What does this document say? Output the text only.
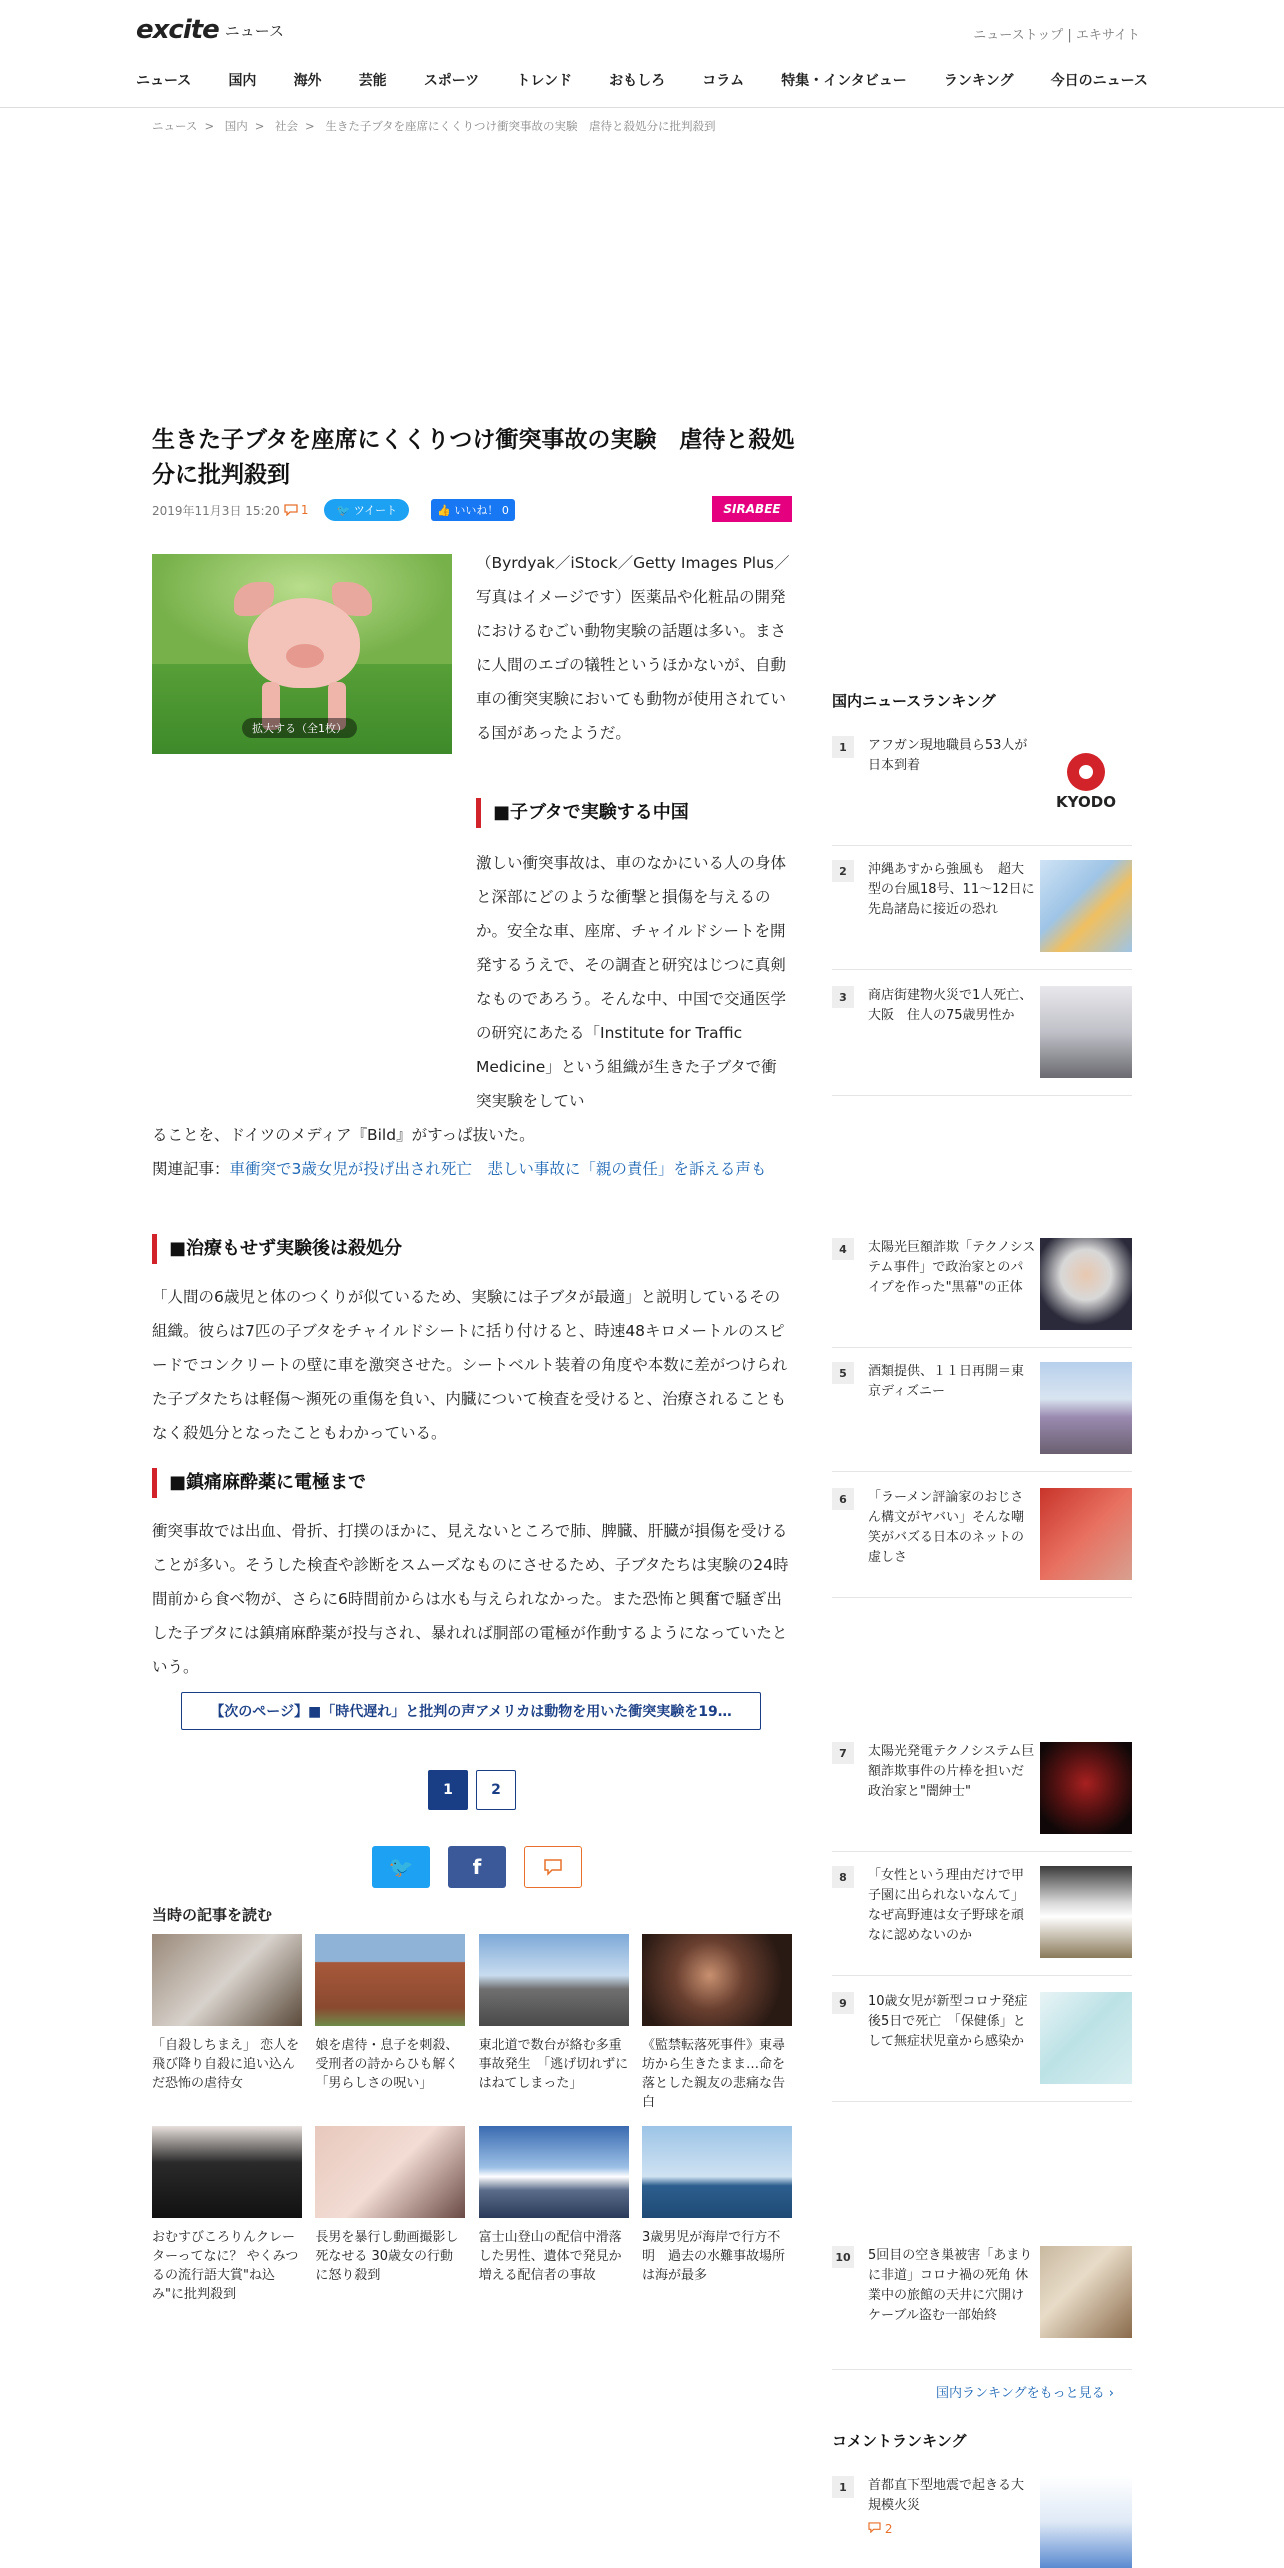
excite ニュース	ニューストップ | エキサイト
ニュース	国内	海外	芸能	スポーツ	トレンド	おもしろ	コラム	特集・インタビュー	ランキング	今日のニュース
ニュース > 国内 > 社会 > 生きた子ブタを座席にくくりつけ衝突事故の実験　虐待と殺処分に批判殺到
生きた子ブタを座席にくくりつけ衝突事故の実験　虐待と殺処分に批判殺到
2019年11月3日 15:20 1	🐦 ツイート	👍 いいね！ 0	SIRABEE
拡大する（全1枚）

（Byrdyak／iStock／Getty Images Plus／写真はイメージです）医薬品や化粧品の開発におけるむごい動物実験の話題は多い。まさに人間のエゴの犠牲というほかないが、自動車の衝突実験においても動物が使用されている国があったようだ。

■子ブタで実験する中国

激しい衝突事故は、車のなかにいる人の身体と深部にどのような衝撃と損傷を与えるのか。安全な車、座席、チャイルドシートを開発するうえで、その調査と研究はじつに真剣なものであろう。そんな中、中国で交通医学の研究にあたる「Institute for Traffic Medicine」という組織が生きた子ブタで衝突実験をしてい

ることを、ドイツのメディア『Bild』がすっぱ抜いた。

関連記事：車衝突で3歳女児が投げ出され死亡　悲しい事故に「親の責任」を訴える声も
■治療もせず実験後は殺処分

「人間の6歳児と体のつくりが似ているため、実験には子ブタが最適」と説明しているその組織。彼らは7匹の子ブタをチャイルドシートに括り付けると、時速48キロメートルのスピードでコンクリートの壁に車を激突させた。シートベルト装着の角度や本数に差がつけられた子ブタたちは軽傷～瀕死の重傷を負い、内臓について検査を受けると、治療されることもなく殺処分となったこともわかっている。

■鎮痛麻酔薬に電極まで

衝突事故では出血、骨折、打撲のほかに、見えないところで肺、脾臓、肝臓が損傷を受けることが多い。そうした検査や診断をスムーズなものにさせるため、子ブタたちは実験の24時間前から食べ物が、さらに6時間前からは水も与えられなかった。また恐怖と興奮で騒ぎ出した子ブタには鎮痛麻酔薬が投与され、暴れれば胴部の電極が作動するようになっていたという。

【次のページ】■「時代遅れ」と批判の声アメリカは動物を用いた衝突実験を19…
1	2
🐦	f
当時の記事を読む
「自殺しちまえ」 恋人を飛び降り自殺に追い込んだ恐怖の虐待女
娘を虐待・息子を刺殺、受刑者の詩からひも解く「男らしさの呪い」
東北道で数台が絡む多重事故発生　「逃げ切れずにはねてしまった」
《監禁転落死事件》東尋坊から生きたまま…命を落とした親友の悲痛な告白
おむすびころりんクレーターってなに？ やくみつるの流行語大賞"ね込み"に批判殺到
長男を暴行し動画撮影し死なせる 30歳女の行動に怒り殺到
富士山登山の配信中滑落した男性、遺体で発見か　増える配信者の事故
3歳男児が海岸で行方不明　過去の水難事故場所は海が最多
国内ニュースランキング
1	アフガン現地職員ら53人が日本到着
KYODO
2	沖縄あすから強風も　超大型の台風18号、11～12日に先島諸島に接近の恐れ
3	商店街建物火災で1人死亡、大阪　住人の75歳男性か
4	太陽光巨額詐欺「テクノシステム事件」で政治家とのパイプを作った"黒幕"の正体
5	酒類提供、１１日再開＝東京ディズニー
6	「ラーメン評論家のおじさん構文がヤバい」そんな嘲笑がバズる日本のネットの虚しさ
7	太陽光発電テクノシステム巨額詐欺事件の片棒を担いだ政治家と"闇紳士"
8	「女性という理由だけで甲子園に出られないなんて」なぜ高野連は女子野球を頑なに認めないのか
9	10歳女児が新型コロナ発症後5日で死亡　「保健係」として無症状児童から感染か
10 5回目の空き巣被害「あまりに非道」コロナ禍の死角 休業中の旅館の天井に穴開けケーブル盗む一部始終
国内ランキングをもっと見る ›
コメントランキング
1	首都直下型地震で起きる大規模火災
2
